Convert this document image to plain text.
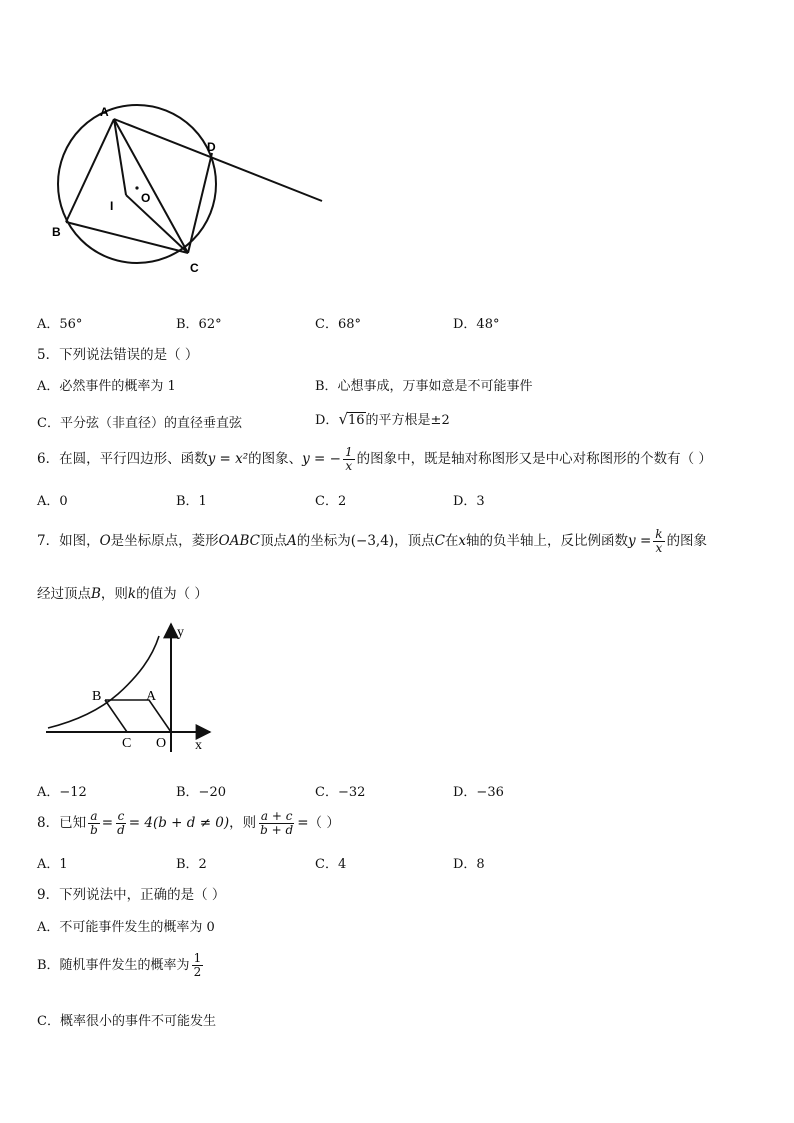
A
D
I
O
B
C
A．56°	B．62°	C．68°	D．48°
5．下列说法错误的是（ ）
A．必然事件的概率为 1	B．心想事成，万事如意是不可能事件
C．平分弦（非直径）的直径垂直弦	D．√16的平方根是±2
6．在圆，平行四边形、函数y = x²的图象、y = − $\frac{1}{x}$ 的图象中，既是轴对称图形又是中心对称图形的个数有（ ）
A．0	B．1	C．2	D．3
7．如图，O是坐标原点，菱形OABC顶点A的坐标为(−3,4)，顶点C在x轴的负半轴上，反比例函数$y = \frac{k}{x}$ 的图象
经过顶点B，则k的值为（ ）
y
B	A
C O x
A．−12	B．−20	C．−32	D．−36
8．已知 $\frac{a}{b} = \frac{c}{d} = 4(b + d \ne 0)$，则 $\frac{a + c}{b + d}$ =（ ）
A．1	B．2	C．4	D．8
9．下列说法中，正确的是（ ）
A．不可能事件发生的概率为 0
B．随机事件发生的概率为 $\frac{1}{2}$
C．概率很小的事件不可能发生
